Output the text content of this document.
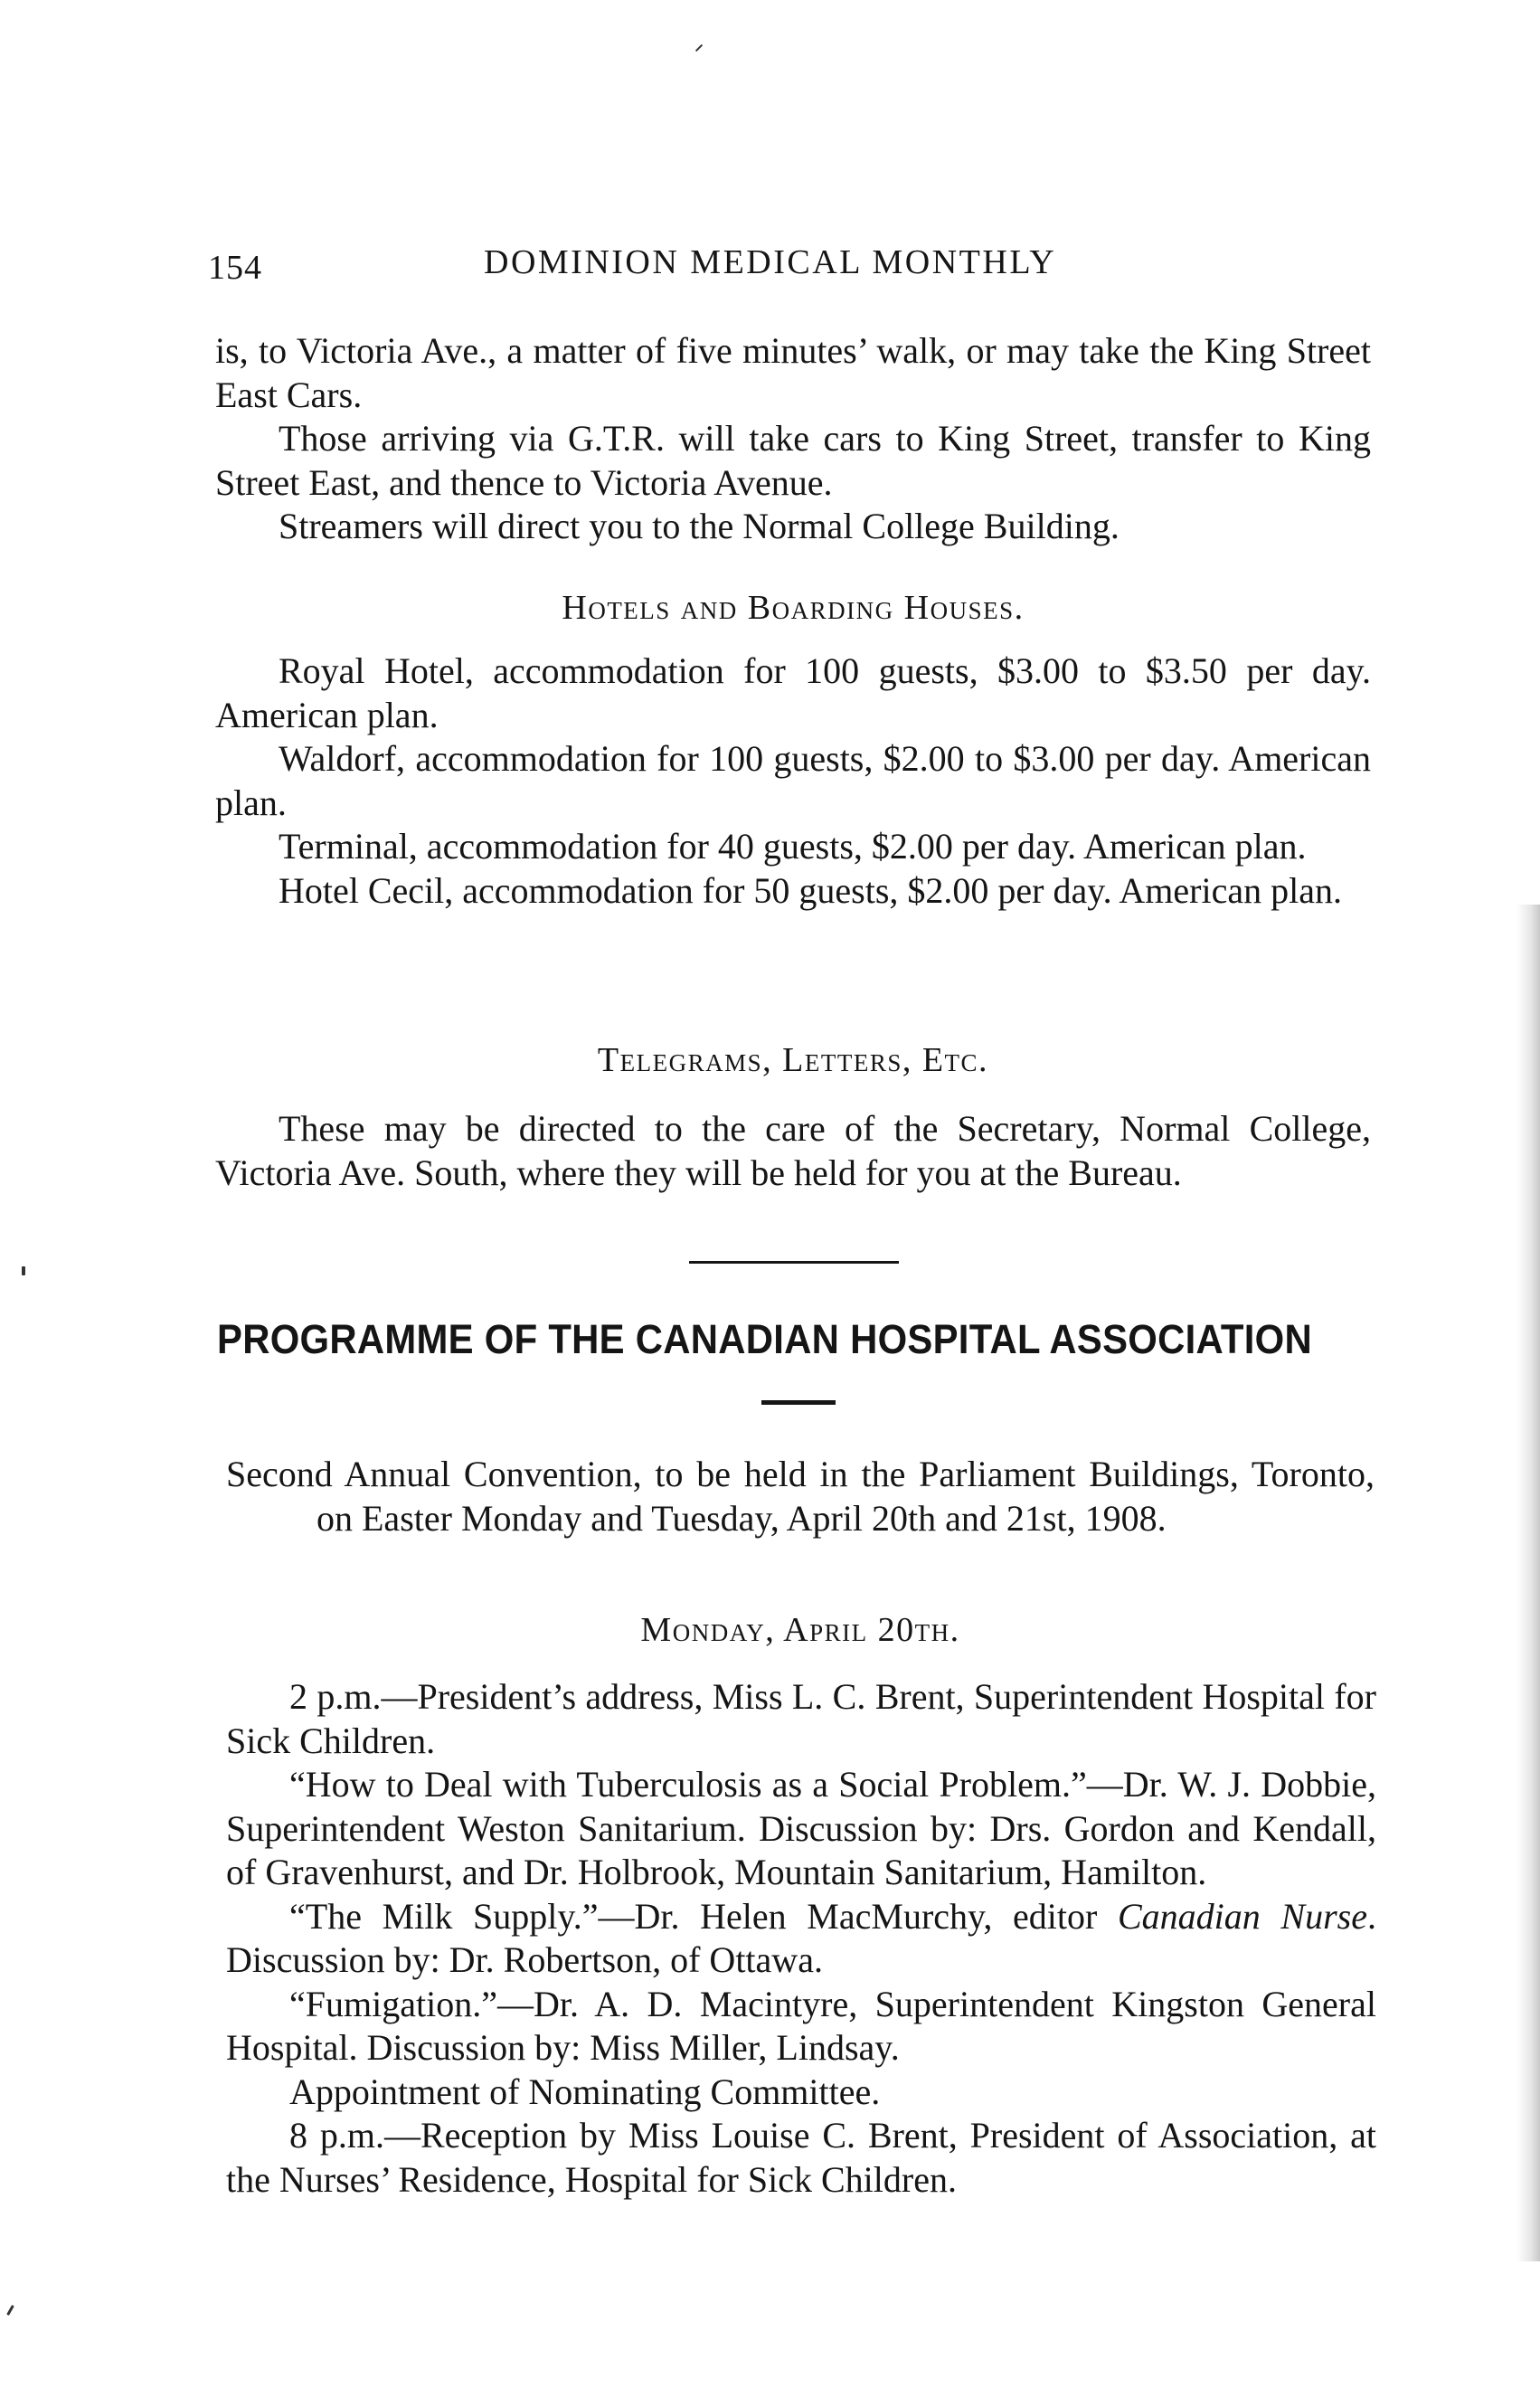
154	DOMINION MEDICAL MONTHLY

is, to Victoria Ave., a matter of five minutes’ walk, or may take the King Street East Cars.

Those arriving via G.T.R. will take cars to King Street, transfer to King Street East, and thence to Victoria Avenue.

Streamers will direct you to the Normal College Building.

Hotels and Boarding Houses.

Royal Hotel, accommodation for 100 guests, $3.00 to $3.50 per day. American plan.

Waldorf, accommodation for 100 guests, $2.00 to $3.00 per day. American plan.

Terminal, accommodation for 40 guests, $2.00 per day. American plan.

Hotel Cecil, accommodation for 50 guests, $2.00 per day. American plan.

Telegrams, Letters, Etc.

These may be directed to the care of the Secretary, Normal College, Victoria Ave. South, where they will be held for you at the Bureau.

PROGRAMME OF THE CANADIAN HOSPITAL ASSOCIATION

Second Annual Convention, to be held in the Parliament Buildings, Toronto, on Easter Monday and Tuesday, April 20th and 21st, 1908.

Monday, April 20th.

2 p.m.—President’s address, Miss L. C. Brent, Superintendent Hospital for Sick Children.

“How to Deal with Tuberculosis as a Social Problem.”—Dr. W. J. Dobbie, Superintendent Weston Sanitarium. Discussion by: Drs. Gordon and Kendall, of Gravenhurst, and Dr. Holbrook, Mountain Sanitarium, Hamilton.

“The Milk Supply.”—Dr. Helen MacMurchy, editor Canadian Nurse. Discussion by: Dr. Robertson, of Ottawa.

“Fumigation.”—Dr. A. D. Macintyre, Superintendent Kingston General Hospital. Discussion by: Miss Miller, Lindsay.

Appointment of Nominating Committee.

8 p.m.—Reception by Miss Louise C. Brent, President of Association, at the Nurses’ Residence, Hospital for Sick Children.
